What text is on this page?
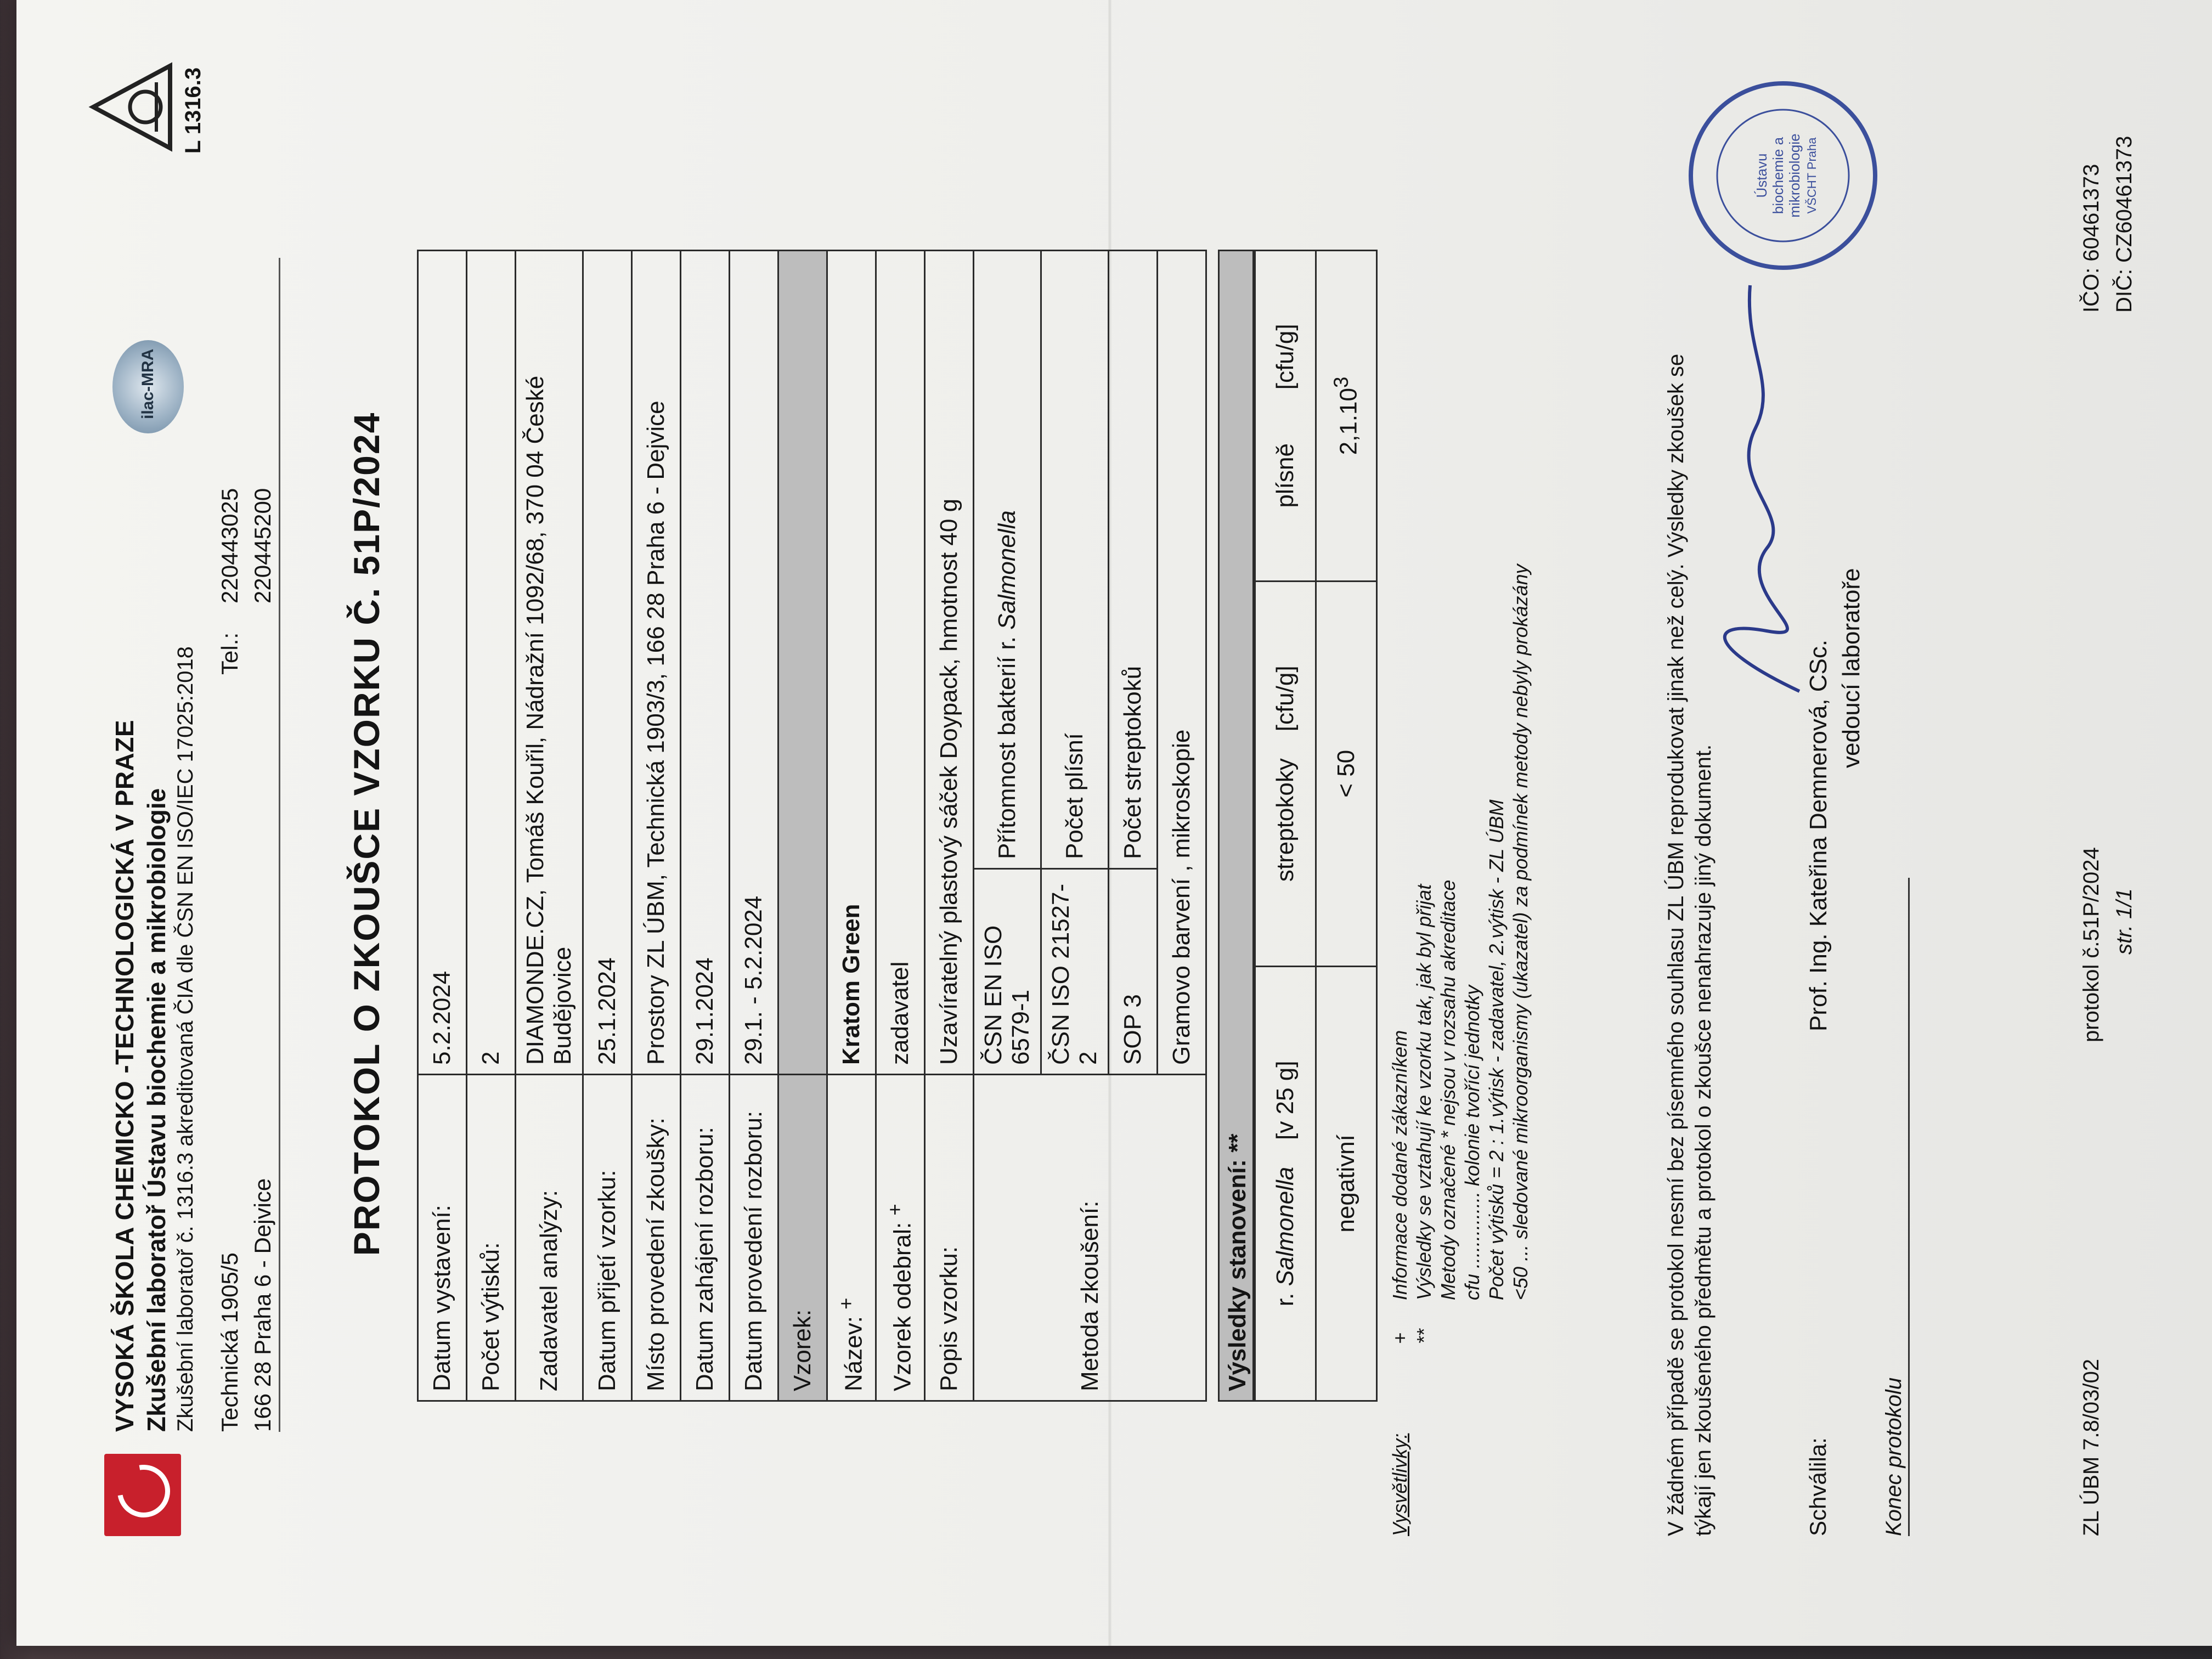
VYSOKÁ ŠKOLA CHEMICKO -TECHNOLOGICKÁ V PRAZE Zkušební laboratoř Ústavu biochemie a mikrobiologie Zkušební laboratoř č. 1316.3 akreditovaná ČIA dle ČSN EN ISO/IEC 17025:2018 Technická 1905/5 166 28 Praha 6 - Dejvice
Tel.:
220443025 220445200
ilac-MRA
L 1316.3
PROTOKOL O ZKOUŠCE VZORKU Č. 51P/2024
Datum vystavení:	5.2.2024	
Počet výtisků:	2	
Zadavatel analýzy:	DIAMONDE.CZ, Tomáš Kouřil, Nádražní 1092/68, 370 04 České Budějovice	
Datum přijetí vzorku:	25.1.2024	
Místo provedení zkoušky:	Prostory ZL ÚBM, Technická 1903/3, 166 28 Praha 6 - Dejvice	
Datum zahájení rozboru:	29.1.2024	
Datum provedení rozboru:	29.1. - 5.2.2024	
Vzorek:		
Název: +	Kratom Green	
Vzorek odebral: +	zadavatel	
Popis vzorku:	Uzavíratelný plastový sáček Doypack, hmotnost 40 g	
Metoda zkoušení:	ČSN EN ISO 6579-1	Přítomnost bakterií r. Salmonella
	ČSN ISO 21527-2	Počet plísní
	SOP 3	Počet streptokoků
	Gramovo barvení , mikroskopie	
Výsledky stanovení: ** r. Salmonella    [v 25 g]	streptokoky    [cfu/g]	plísně        [cfu/g]
negativní	< 50	2,1.10$^3$
Vysvětlivky:
+Informace dodané zákazníkem
**Výsledky se vztahují ke vzorku tak, jak byl přijat Metody označené * nejsou v rozsahu akreditace cfu .............. kolonie tvořící jednotky Počet výtisků = 2 : 1.výtisk - zadavatel, 2.výtisk - ZL ÚBM <50 ... sledované mikroorganismy (ukazatel) za podmínek metody nebyly prokázány	V žádném případě se protokol nesmí bez písemného souhlasu ZL ÚBM reprodukovat jinak než celý. Výsledky zkoušek se týkají jen zkoušeného předmětu a protokol o zkoušce nenahrazuje jiný dokument.	Schválila:
Prof. Ing. Kateřina Demnerová, CSc. vedoucí laboratoře
Ústavu biochemie a mikrobiologie VŠCHT Praha
Konec protokolu	ZL ÚBM 7.8/03/02
protokol č.51P/2024 str. 1/1
IČO: 60461373 DIČ: CZ60461373
